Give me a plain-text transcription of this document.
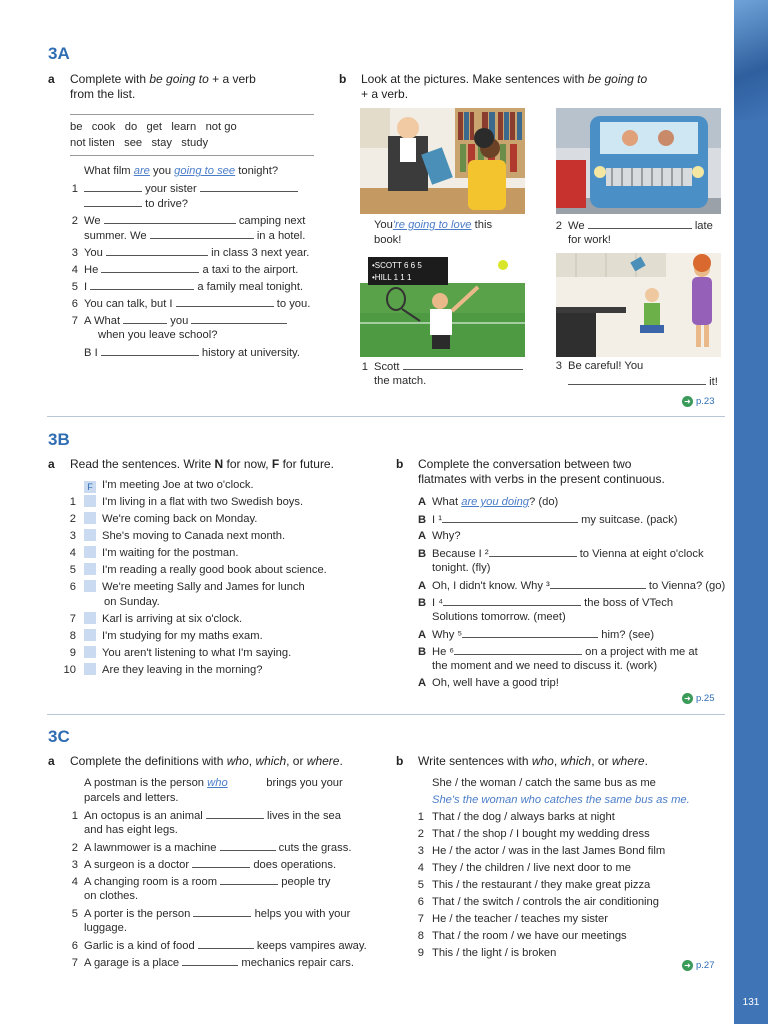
131
3A
a Complete with be going to + a verb
from the list.
be   cook   do   get   learn   not go
not listen   see   stay   study
What film are you going to see tonight?
1	your sister
to drive?
2 We	camping next
summer. We	in a hotel.
3 You	in class 3 next year.
4 He	a taxi to the airport.
5 I	a family meal tonight.
6 You can talk, but I	to you.
7 A What	you
when you leave school?
B I	history at university.
b Look at the pictures. Make sentences with be going to
+ a verb.
You're going to love this
book!
2 We	late
for work!
•SCOTT 6 6 5
•HILL 1 1 1
1 Scott
the match.
3 Be careful! You
it!
➜ p.23
3B
a Read the sentences. Write N for now, F for future.
F I'm meeting Joe at two o'clock.
1 I'm living in a flat with two Swedish boys.
2 We're coming back on Monday.
3 She's moving to Canada next month.
4 I'm waiting for the postman.
5 I'm reading a really good book about science.
6 We're meeting Sally and James for lunch
on Sunday.
7 Karl is arriving at six o'clock.
8 I'm studying for my maths exam.
9 You aren't listening to what I'm saying.
10 Are they leaving in the morning?
b Complete the conversation between two
flatmates with verbs in the present continuous.
A What are you doing? (do)
B I ¹	my suitcase. (pack)
A Why?
B Because I ²	to Vienna at eight o'clock
tonight. (fly)
A Oh, I didn't know. Why ³	to Vienna? (go)
B I ⁴	the boss of VTech
Solutions tomorrow. (meet)
A Why ⁵	him? (see)
B He ⁶	on a project with me at
the moment and we need to discuss it. (work)
A Oh, well have a good trip!
➜ p.25
3C
a Complete the definitions with who, which, or where.
A postman is the person who	brings you your
parcels and letters.
1 An octopus is an animal	lives in the sea
and has eight legs.
2 A lawnmower is a machine	cuts the grass.
3 A surgeon is a doctor	does operations.
4 A changing room is a room	people try
on clothes.
5 A porter is the person	helps you with your
luggage.
6 Garlic is a kind of food	keeps vampires away.
7 A garage is a place	mechanics repair cars.
b Write sentences with who, which, or where.
She / the woman / catch the same bus as me
She's the woman who catches the same bus as me.
1 That / the dog / always barks at night
2 That / the shop / I bought my wedding dress
3 He / the actor / was in the last James Bond film
4 They / the children / live next door to me
5 This / the restaurant / they make great pizza
6 That / the switch / controls the air conditioning
7 He / the teacher / teaches my sister
8 That / the room / we have our meetings
9 This / the light / is broken
➜ p.27
